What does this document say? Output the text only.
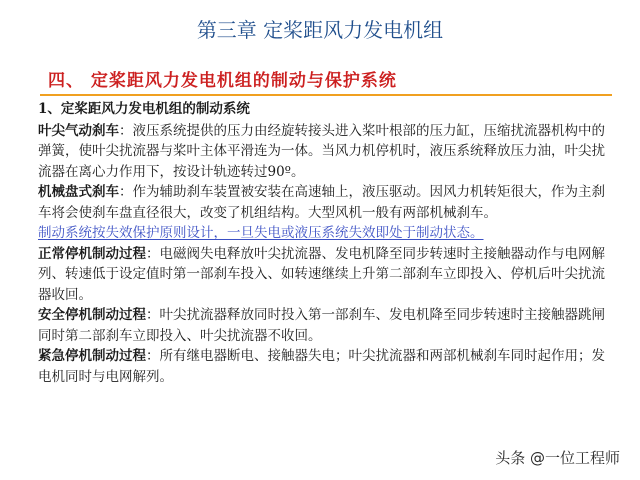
第三章 定桨距风力发电机组
四、 定桨距风力发电机组的制动与保护系统

1、定桨距风力发电机组的制动系统

叶尖气动刹车：液压系统提供的压力由经旋转接头进入桨叶根部的压力缸，压缩扰流器机构中的弹簧，使叶尖扰流器与桨叶主体平滑连为一体。当风力机停机时，液压系统释放压力油，叶尖扰流器在离心力作用下，按设计轨迹转过90º。

机械盘式刹车：作为辅助刹车装置被安装在高速轴上，液压驱动。因风力机转矩很大，作为主刹车将会使刹车盘直径很大，改变了机组结构。大型风机一般有两部机械刹车。

制动系统按失效保护原则设计，一旦失电或液压系统失效即处于制动状态。

正常停机制动过程：电磁阀失电释放叶尖扰流器、发电机降至同步转速时主接触器动作与电网解列、转速低于设定值时第一部刹车投入、如转速继续上升第二部刹车立即投入、停机后叶尖扰流器收回。

安全停机制动过程：叶尖扰流器释放同时投入第一部刹车、发电机降至同步转速时主接触器跳闸同时第二部刹车立即投入、叶尖扰流器不收回。

紧急停机制动过程：所有继电器断电、接触器失电；叶尖扰流器和两部机械刹车同时起作用；发电机同时与电网解列。

头条 @一位工程师
